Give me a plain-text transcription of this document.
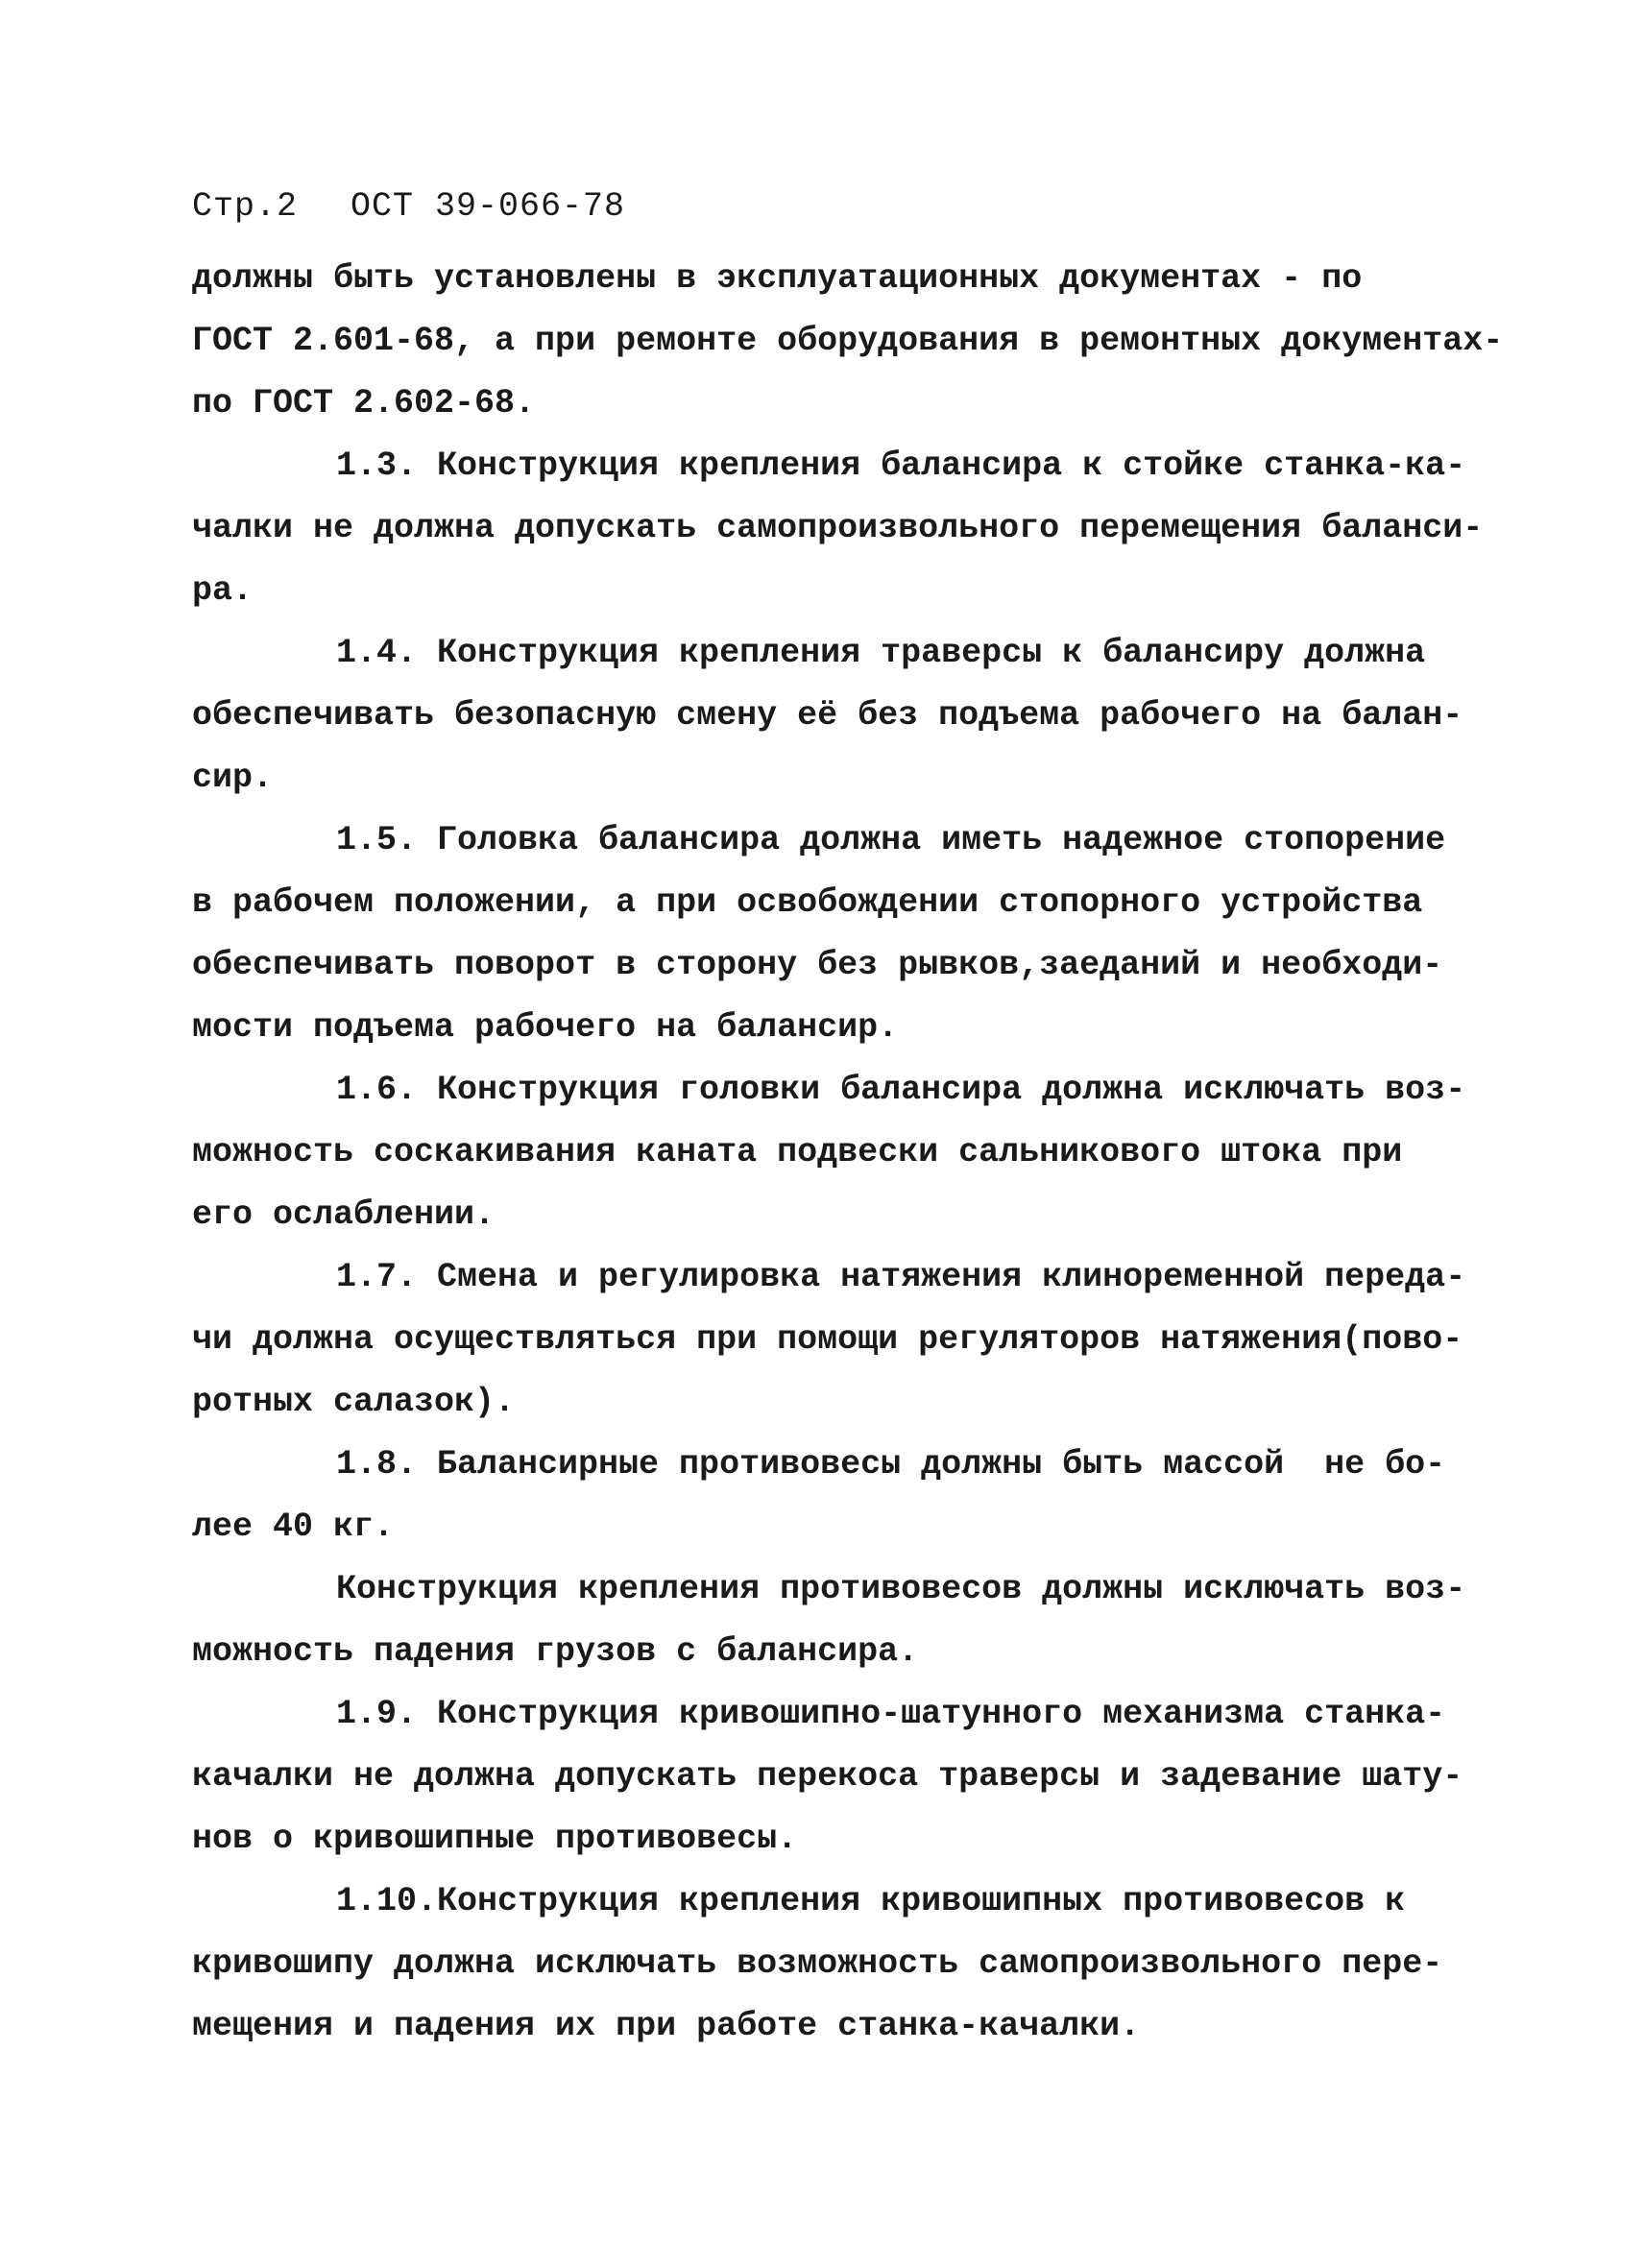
Стр.2 ОСТ 39-066-78
должны быть установлены в эксплуатационных документах - по
ГОСТ 2.601-68, а при ремонте оборудования в ремонтных документах-
по ГОСТ 2.602-68.
1.3. Конструкция крепления балансира к стойке станка-ка-
чалки не должна допускать самопроизвольного перемещения баланси-
ра.
1.4. Конструкция крепления траверсы к балансиру должна
обеспечивать безопасную смену её без подъема рабочего на балан-
сир.
1.5. Головка балансира должна иметь надежное стопорение
в рабочем положении, а при освобождении стопорного устройства
обеспечивать поворот в сторону без рывков,заеданий и необходи-
мости подъема рабочего на балансир.
1.6. Конструкция головки балансира должна исключать воз-
можность соскакивания каната подвески сальникового штока при
его ослаблении.
1.7. Смена и регулировка натяжения клиноременной переда-
чи должна осуществляться при помощи регуляторов натяжения(пово-
ротных салазок).
1.8. Балансирные противовесы должны быть массой  не бо-
лее 40 кг.
Конструкция крепления противовесов должны исключать воз-
можность падения грузов с балансира.
1.9. Конструкция кривошипно-шатунного механизма станка-
качалки не должна допускать перекоса траверсы и задевание шату-
нов о кривошипные противовесы.
1.10.Конструкция крепления кривошипных противовесов к
кривошипу должна исключать возможность самопроизвольного пере-
мещения и падения их при работе станка-качалки.
